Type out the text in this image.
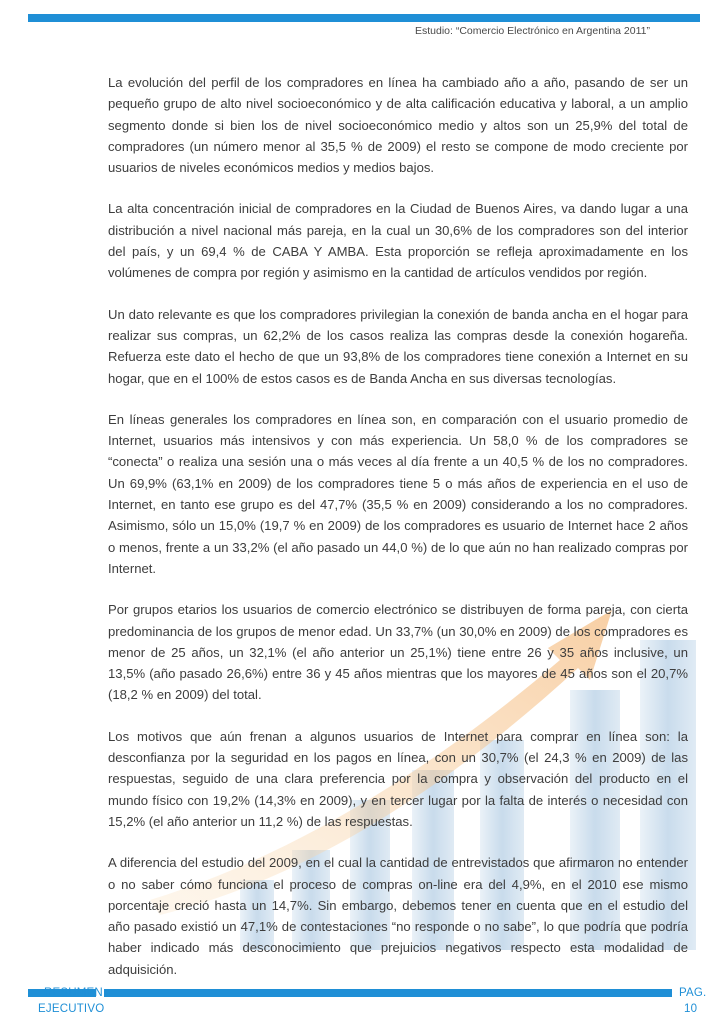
Estudio: “Comercio Electrónico en Argentina 2011”

La evolución del perfil de los compradores en línea ha cambiado año a año, pasando de ser un pequeño grupo de alto nivel socioeconómico y de alta calificación educativa y laboral, a un amplio segmento donde si bien los de nivel socioeconómico medio y altos son un 25,9% del total de compradores (un número menor al 35,5 % de 2009) el resto se compone de modo creciente por usuarios de niveles económicos medios y medios bajos.

La alta concentración inicial de compradores en la Ciudad de Buenos Aires, va dando lugar a una distribución a nivel nacional más pareja, en la cual un 30,6% de los compradores son del interior del país, y un 69,4 % de CABA Y AMBA. Esta proporción se refleja aproximadamente en los volúmenes de compra por región y asimismo en la cantidad de artículos vendidos por región.

Un dato relevante es que los compradores privilegian la conexión de banda ancha en el hogar para realizar sus compras, un 62,2% de los casos realiza las compras desde la conexión hogareña. Refuerza este dato el hecho de que un 93,8% de los compradores tiene conexión a Internet en su hogar, que en el 100% de estos casos es de Banda Ancha en sus diversas tecnologías.

En líneas generales los compradores en línea son, en comparación con el usuario promedio de Internet, usuarios más intensivos y con más experiencia. Un 58,0 % de los compradores se “conecta” o realiza una sesión una o más veces al día frente a un 40,5 % de los no compradores. Un 69,9% (63,1% en 2009) de los compradores tiene 5 o más años de experiencia en el uso de Internet, en tanto ese grupo es del 47,7% (35,5 % en 2009) considerando a los no compradores. Asimismo, sólo un 15,0% (19,7 % en 2009) de los compradores es usuario de Internet hace 2 años o menos, frente a un 33,2% (el año pasado un 44,0 %) de lo que aún no han realizado compras por Internet.

Por grupos etarios los usuarios de comercio electrónico se distribuyen de forma pareja, con cierta predominancia de los grupos de menor edad. Un 33,7% (un 30,0% en 2009) de los compradores es menor de 25 años, un 32,1% (el año anterior un 25,1%) tiene entre 26 y 35 años inclusive, un 13,5% (año pasado 26,6%) entre 36 y 45 años mientras que los mayores de 45 años son el 20,7% (18,2 % en 2009) del total.

Los motivos que aún frenan a algunos usuarios de Internet para comprar en línea son: la desconfianza por la seguridad en los pagos en línea, con un 30,7% (el 24,3 % en 2009) de las respuestas, seguido de una clara preferencia por la compra y observación del producto en el mundo físico con 19,2% (14,3% en 2009), y en tercer lugar por la falta de interés o necesidad con 15,2% (el año anterior un 11,2 %) de las respuestas.

A diferencia del estudio del 2009, en el cual la cantidad de entrevistados que afirmaron no entender o no saber cómo funciona el proceso de compras on-line era del 4,9%, en el 2010 ese mismo porcentaje creció hasta un 14,7%. Sin embargo, debemos tener en cuenta que en el estudio del año pasado existió un 47,1% de contestaciones “no responde o no sabe”, lo que podría que podría haber indicado más desconocimiento que prejuicios negativos respecto esta modalidad de adquisición.

RESUMEN
EJECUTIVO
PAG.
10
